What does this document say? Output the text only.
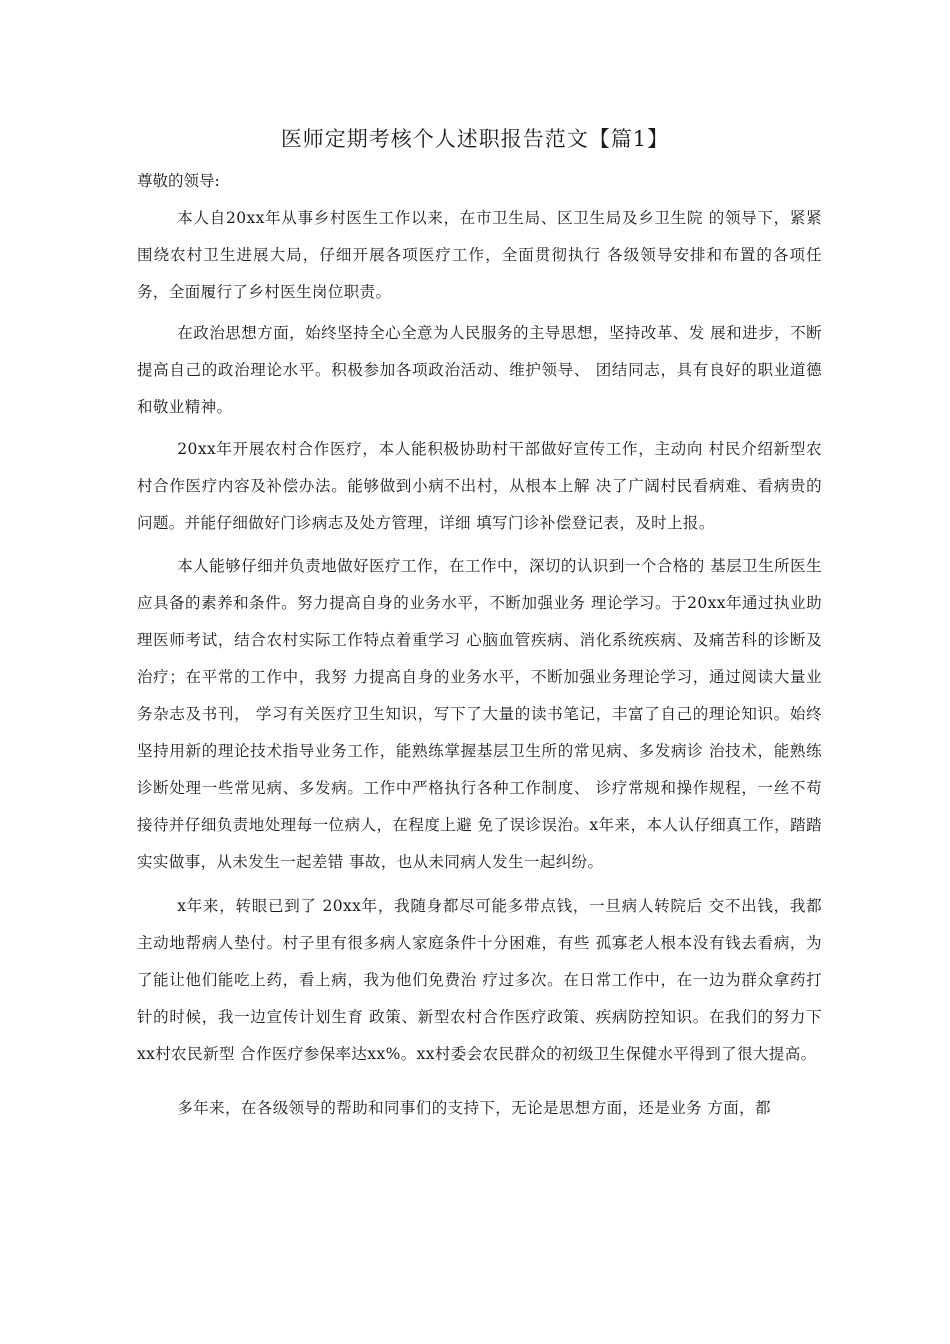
医师定期考核个人述职报告范文【篇1】

尊敬的领导:

本人自20xx年从事乡村医生工作以来，在市卫生局、区卫生局及乡卫生院 的领导下，紧紧围绕农村卫生进展大局，仔细开展各项医疗工作，全面贯彻执行 各级领导安排和布置的各项任务，全面履行了乡村医生岗位职责。

在政治思想方面，始终坚持全心全意为人民服务的主导思想，坚持改革、发 展和进步，不断提高自己的政治理论水平。积极参加各项政治活动、维护领导、 团结同志，具有良好的职业道德和敬业精神。

20xx年开展农村合作医疗，本人能积极协助村干部做好宣传工作，主动向 村民介绍新型农村合作医疗内容及补偿办法。能够做到小病不出村，从根本上解 决了广阔村民看病难、看病贵的问题。并能仔细做好门诊病志及处方管理，详细 填写门诊补偿登记表，及时上报。

本人能够仔细并负责地做好医疗工作，在工作中，深切的认识到一个合格的 基层卫生所医生应具备的素养和条件。努力提高自身的业务水平，不断加强业务 理论学习。于20xx年通过执业助理医师考试，结合农村实际工作特点着重学习 心脑血管疾病、消化系统疾病、及痛苦科的诊断及治疗；在平常的工作中，我努 力提高自身的业务水平，不断加强业务理论学习，通过阅读大量业务杂志及书刊， 学习有关医疗卫生知识，写下了大量的读书笔记，丰富了自己的理论知识。始终 坚持用新的理论技术指导业务工作，能熟练掌握基层卫生所的常见病、多发病诊 治技术，能熟练诊断处理一些常见病、多发病。工作中严格执行各种工作制度、 诊疗常规和操作规程，一丝不苟接待并仔细负责地处理每一位病人，在程度上避 免了误诊误治。x年来，本人认仔细真工作，踏踏实实做事，从未发生一起差错 事故，也从未同病人发生一起纠纷。

x年来，转眼已到了 20xx年，我随身都尽可能多带点钱，一旦病人转院后 交不出钱，我都主动地帮病人垫付。村子里有很多病人家庭条件十分困难，有些 孤寡老人根本没有钱去看病，为了能让他们能吃上药，看上病，我为他们免费治 疗过多次。在日常工作中，在一边为群众拿药打针的时候，我一边宣传计划生育 政策、新型农村合作医疗政策、疾病防控知识。在我们的努力下xx村农民新型 合作医疗参保率达xx%。xx村委会农民群众的初级卫生保健水平得到了很大提高。

多年来，在各级领导的帮助和同事们的支持下，无论是思想方面，还是业务 方面，都
